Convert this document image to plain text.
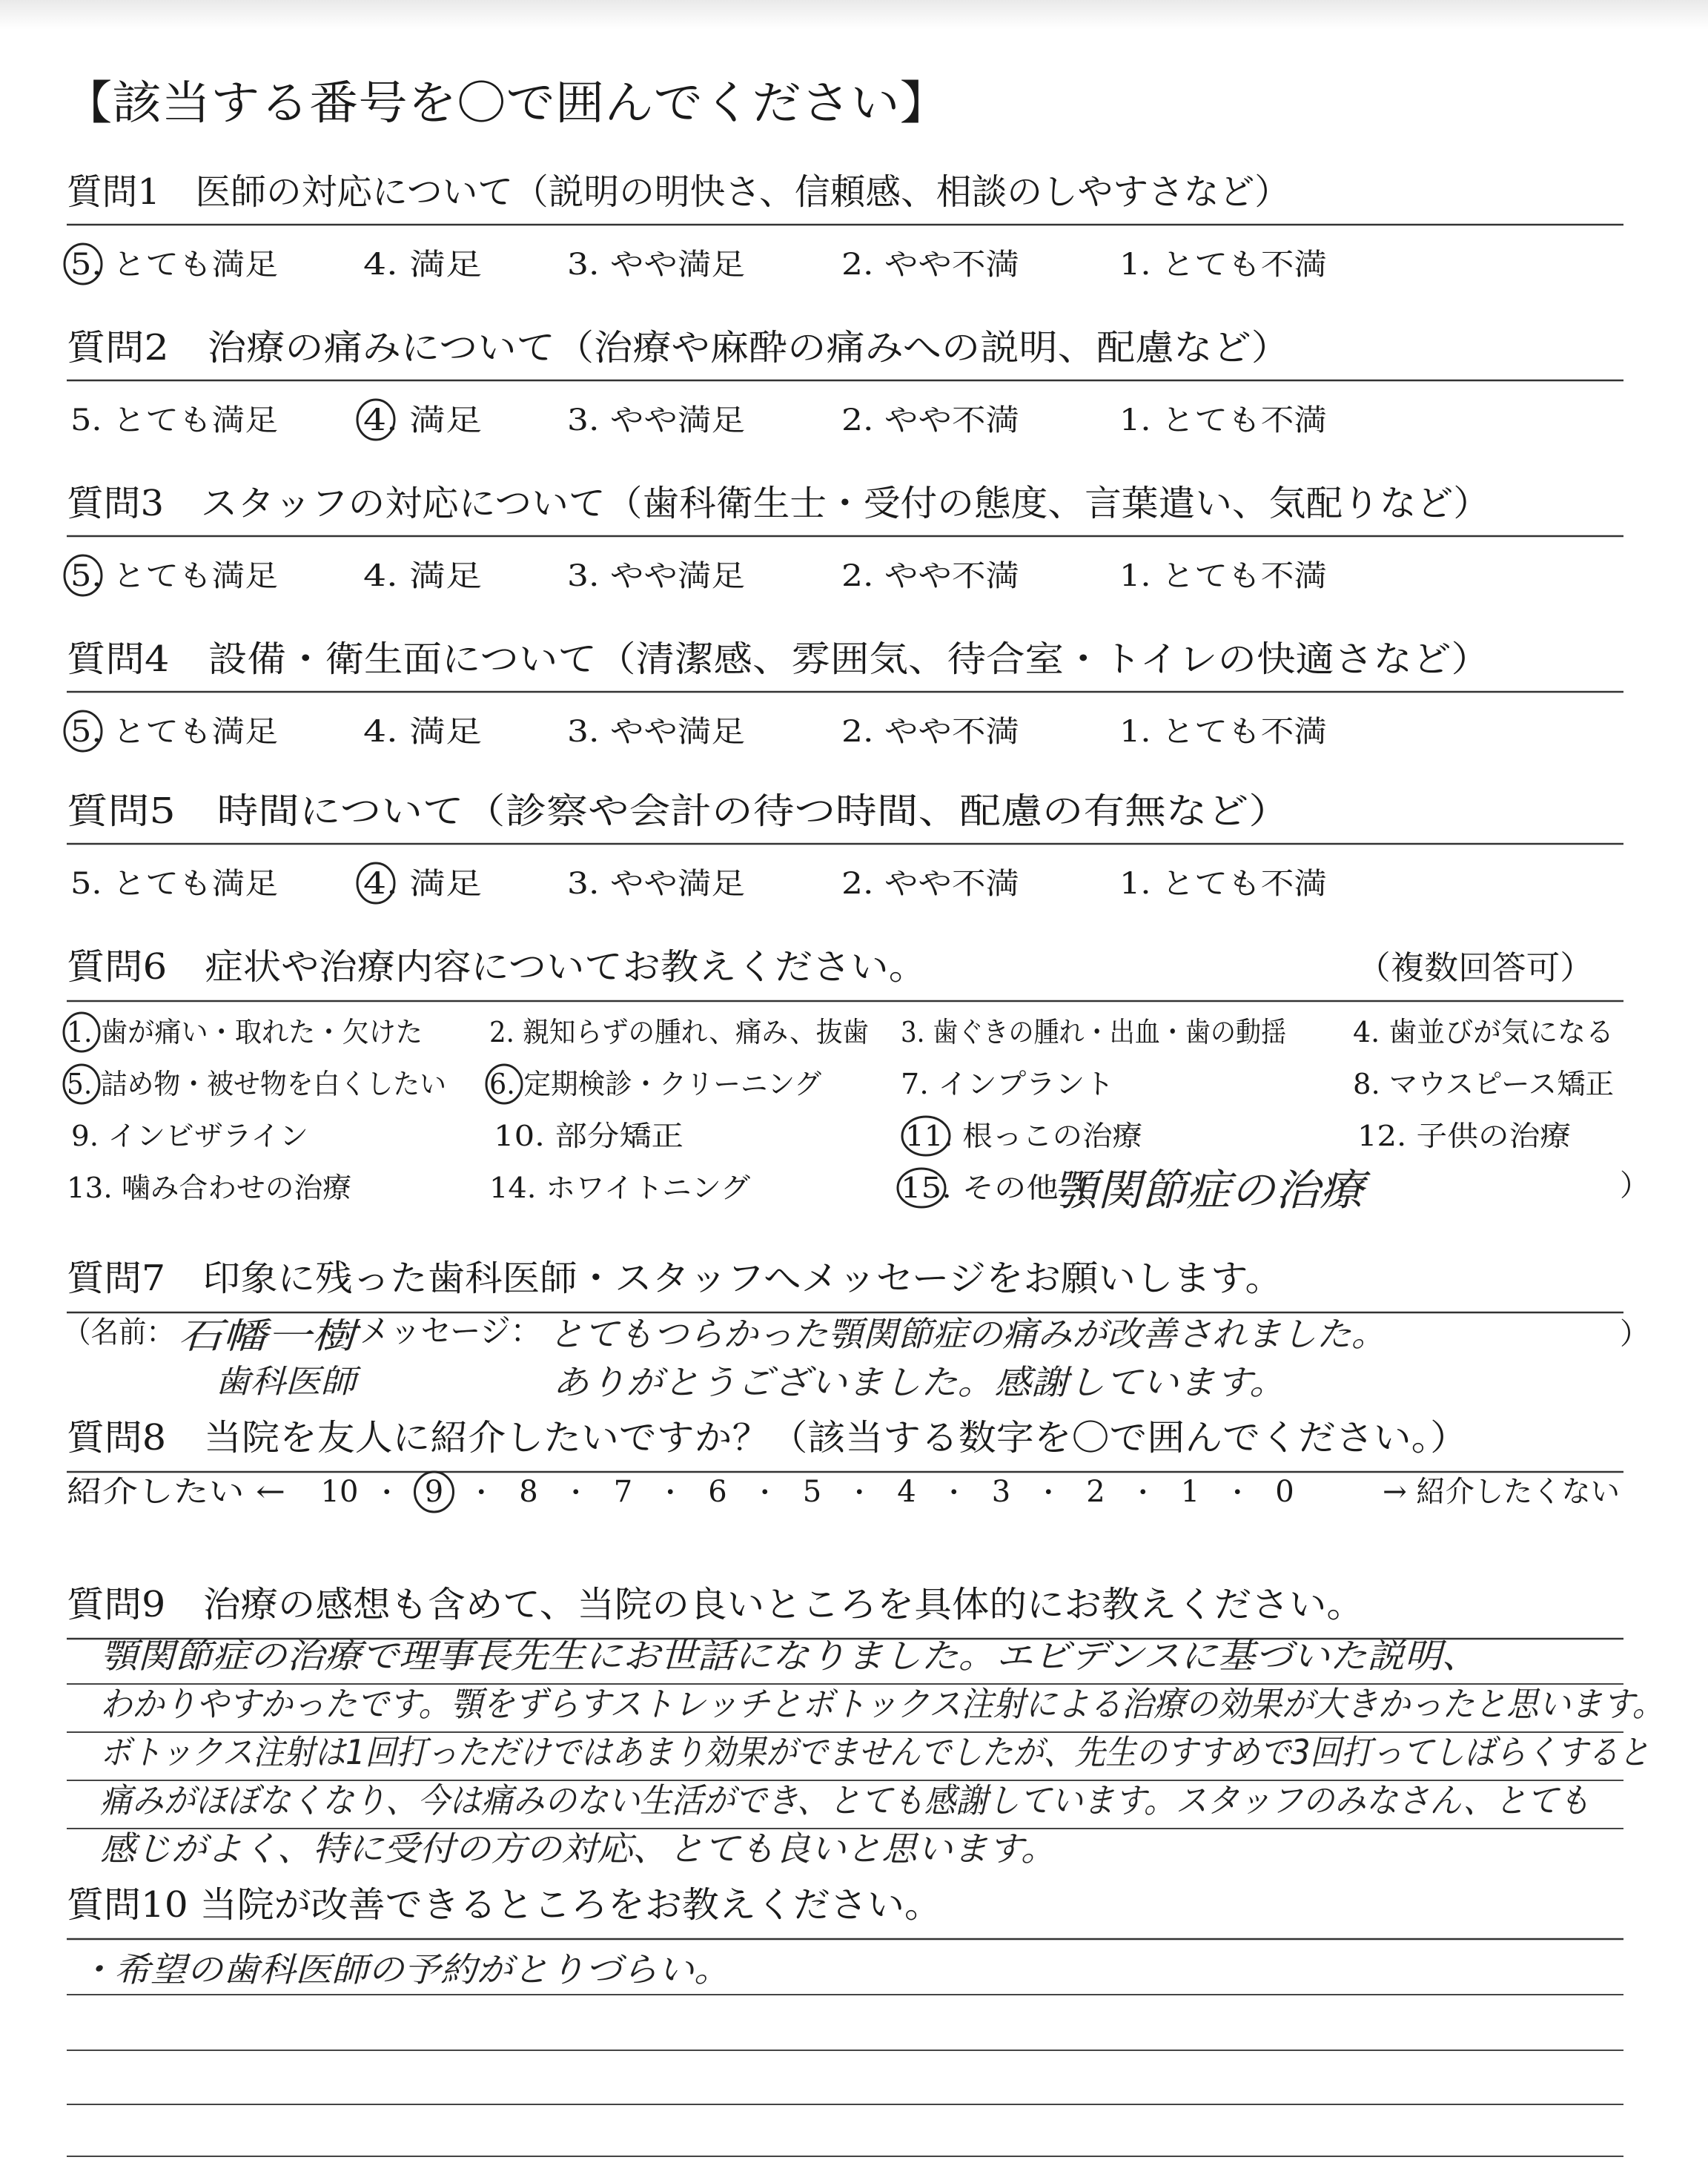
【該当する番号を〇で囲んでください】
質問1　医師の対応について（説明の明快さ、信頼感、相談のしやすさなど）
5. とても満足	4. 満足	3. やや満足	2. やや不満	1. とても不満
質問2　治療の痛みについて（治療や麻酔の痛みへの説明、配慮など）
5. とても満足	4. 満足	3. やや満足	2. やや不満	1. とても不満
質問3　スタッフの対応について（歯科衛生士・受付の態度、言葉遣い、気配りなど）
5. とても満足	4. 満足	3. やや満足	2. やや不満	1. とても不満
質問4　設備・衛生面について（清潔感、雰囲気、待合室・トイレの快適さなど）
5. とても満足	4. 満足	3. やや満足	2. やや不満	1. とても不満
質問5　時間について（診察や会計の待つ時間、配慮の有無など）
5. とても満足	4. 満足	3. やや満足	2. やや不満	1. とても不満
質問6　症状や治療内容についてお教えください。	（複数回答可）
1. 歯が痛い・取れた・欠けた 2. 親知らずの腫れ、痛み、抜歯 3. 歯ぐきの腫れ・出血・歯の動揺 4. 歯並びが気になる
5. 詰め物・被せ物を白くしたい 6. 定期検診・クリーニング	7. インプラント	8. マウスピース矯正
9. インビザライン	10. 部分矯正	11. 根っこの治療	12. 子供の治療
13. 噛み合わせの治療	14. ホワイトニング	15. その他（
顎関節症の治療	）
質問7　印象に残った歯科医師・スタッフへメッセージをお願いします。
（名前： 石幡一樹
歯科医師
メッセージ： とてもつらかった顎関節症の痛みが改善されました。
ありがとうございました。感謝しています。
）
質問8　当院を友人に紹介したいですか？（該当する数字を〇で囲んでください。）
紹介したい ←	→ 紹介したくない
10 ・ 9 ・ 8 ・ 7 ・ 6 ・ 5 ・ 4 ・ 3 ・ 2 ・ 1 ・ 0
質問9　治療の感想も含めて、当院の良いところを具体的にお教えください。
顎関節症の治療で理事長先生にお世話になりました。エビデンスに基づいた説明、
わかりやすかったです。顎をずらすストレッチとボトックス注射による治療の効果が大きかったと思います。
ボトックス注射は1回打っただけではあまり効果がでませんでしたが、先生のすすめで3回打ってしばらくすると
痛みがほぼなくなり、今は痛みのない生活ができ、とても感謝しています。スタッフのみなさん、とても
感じがよく、特に受付の方の対応、とても良いと思います。
質問10 当院が改善できるところをお教えください。
・希望の歯科医師の予約がとりづらい。
